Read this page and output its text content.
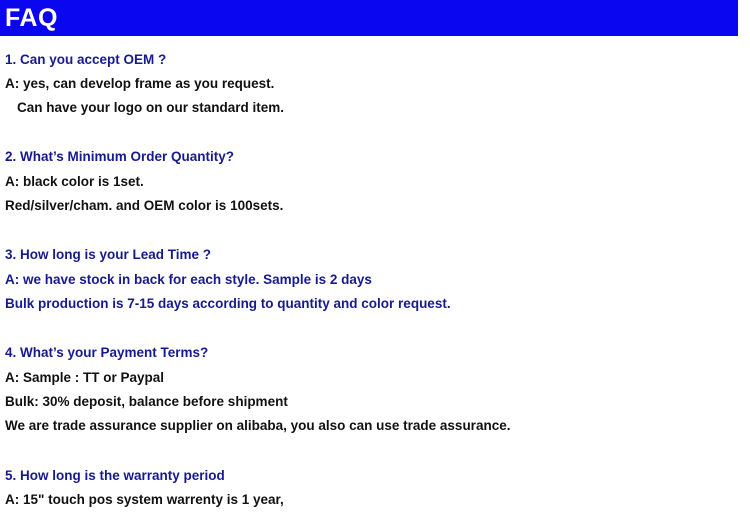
FAQ
1. Can you accept OEM ?
A: yes, can develop frame as you request.
Can have your logo on our standard item.
2. What’s Minimum Order Quantity?
A: black color is 1set.
Red/silver/cham. and OEM color is 100sets.
3. How long is your Lead Time ?
A: we have stock in back for each style. Sample is 2 days
Bulk production is 7-15 days according to quantity and color request.
4. What’s your Payment Terms?
A: Sample : TT or Paypal
Bulk: 30% deposit, balance before shipment
We are trade assurance supplier on alibaba, you also can use trade assurance.
5. How long is the warranty period
A: 15" touch pos system warrenty is 1 year,
